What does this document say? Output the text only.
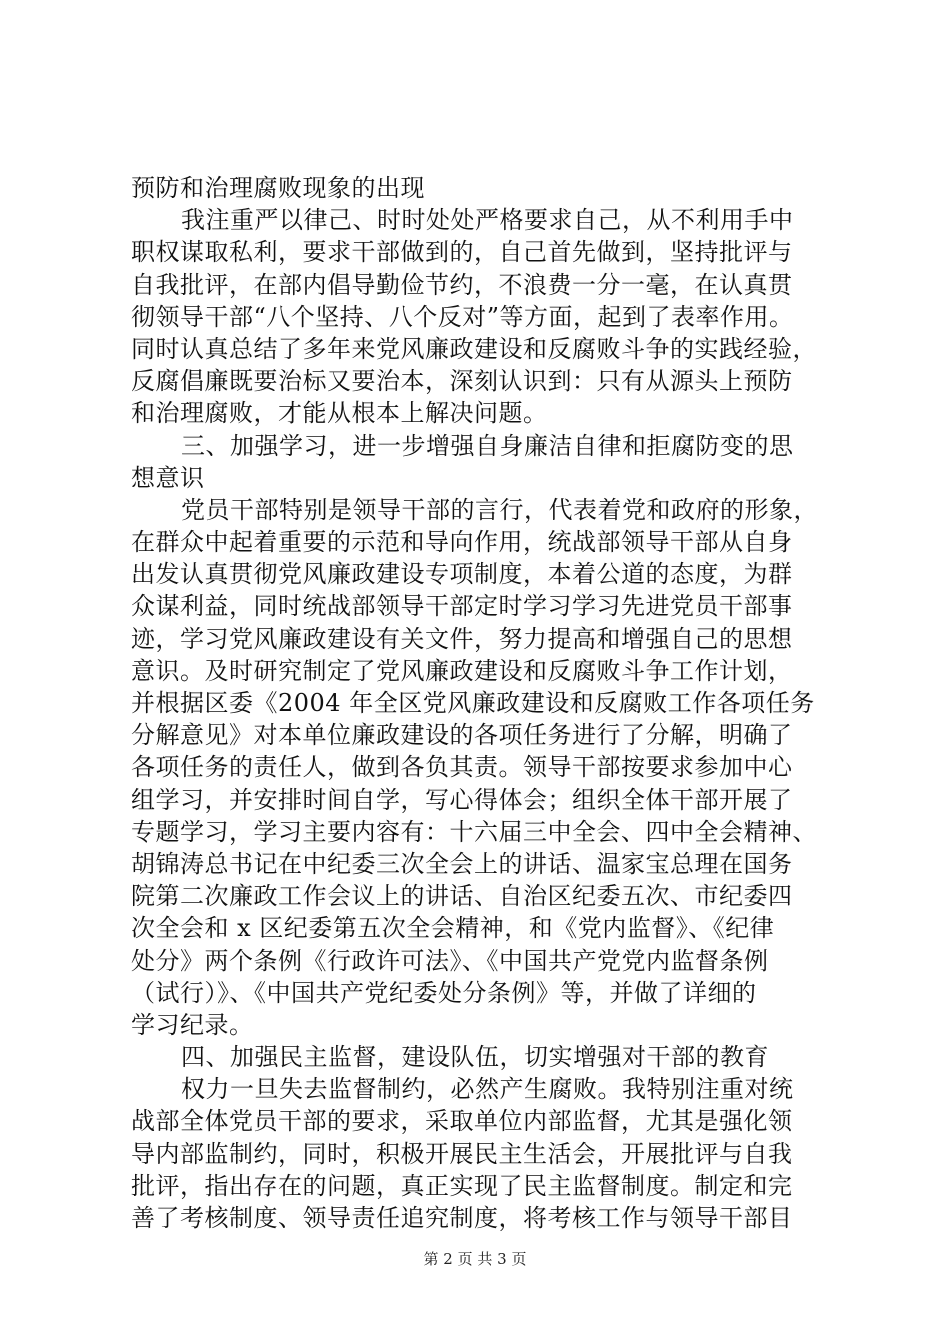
预防和治理腐败现象的出现
我注重严以律己、时时处处严格要求自己，从不利用手中
职权谋取私利，要求干部做到的，自己首先做到，坚持批评与
自我批评，在部内倡导勤俭节约，不浪费一分一毫，在认真贯
彻领导干部“八个坚持、八个反对”等方面，起到了表率作用。
同时认真总结了多年来党风廉政建设和反腐败斗争的实践经验，
反腐倡廉既要治标又要治本，深刻认识到：只有从源头上预防
和治理腐败，才能从根本上解决问题。
三、加强学习，进一步增强自身廉洁自律和拒腐防变的思
想意识
党员干部特别是领导干部的言行，代表着党和政府的形象，
在群众中起着重要的示范和导向作用，统战部领导干部从自身
出发认真贯彻党风廉政建设专项制度，本着公道的态度，为群
众谋利益，同时统战部领导干部定时学习学习先进党员干部事
迹，学习党风廉政建设有关文件，努力提高和增强自己的思想
意识。及时研究制定了党风廉政建设和反腐败斗争工作计划，
并根据区委《2004 年全区党风廉政建设和反腐败工作各项任务
分解意见》对本单位廉政建设的各项任务进行了分解，明确了
各项任务的责任人，做到各负其责。领导干部按要求参加中心
组学习，并安排时间自学，写心得体会；组织全体干部开展了
专题学习，学习主要内容有：十六届三中全会、四中全会精神、
胡锦涛总书记在中纪委三次全会上的讲话、温家宝总理在国务
院第二次廉政工作会议上的讲话、自治区纪委五次、市纪委四
次全会和 x 区纪委第五次全会精神，和《党内监督》、《纪律
处分》两个条例《行政许可法》、《中国共产党党内监督条例
（试行）》、《中国共产党纪委处分条例》等，并做了详细的
学习纪录。
四、加强民主监督，建设队伍，切实增强对干部的教育
权力一旦失去监督制约，必然产生腐败。我特别注重对统
战部全体党员干部的要求，采取单位内部监督，尤其是强化领
导内部监制约，同时，积极开展民主生活会，开展批评与自我
批评，指出存在的问题，真正实现了民主监督制度。制定和完
善了考核制度、领导责任追究制度，将考核工作与领导干部目
第 2 页 共 3 页
